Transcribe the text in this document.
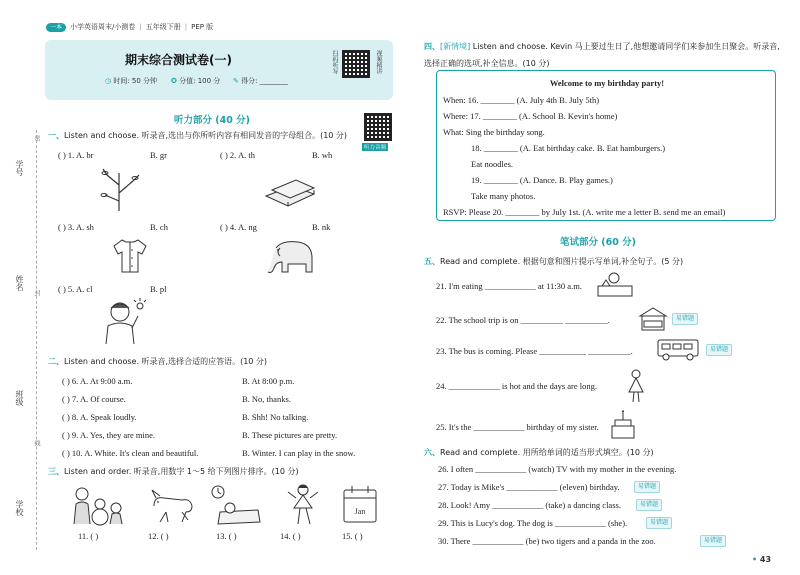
一本	小学英语周末/小测卷 | 五年级下册 | PEP 版
期末综合测试卷(一)
◷ 时间: 50 分钟 ✪ 分值: 100 分 ✎ 得分: ________
扫码听写	视频精讲
学号
姓名
班级
学校
密
封
线
听力部分 (40 分)
听力音频
一、Listen and choose. 听录音,选出与你所听内容有相同发音的字母组合。(10 分)
( ) 1. A. br	B. gr	( ) 2. A. th	B. wh
( ) 3. A. sh	B. ch	( ) 4. A. ng	B. nk
( ) 5. A. cl	B. pl
二、Listen and choose. 听录音,选择合适的应答语。(10 分)
( ) 6. A. At 9:00 a.m.	B. At 8:00 p.m.
( ) 7. A. Of course.	B. No, thanks.
( ) 8. A. Speak loudly.	B. Shh! No talking.
( ) 9. A. Yes, they are mine.	B. These pictures are pretty.
( ) 10. A. White. It's clean and beautiful.	B. Winter. I can play in the snow.
三、Listen and order. 听录音,用数字 1～5 给下列图片排序。(10 分)
Jan
11. ( )	12. ( )	13. ( )	14. ( )	15. ( )
四、[新情境] Listen and choose. Kevin 马上要过生日了,他想邀请同学们来参加生日聚会。听录音,选择正确的选项,补全信息。(10 分)
Welcome to my birthday party!
When: 16. ________ (A. July 4th B. July 5th)
Where: 17. ________ (A. School B. Kevin's home)
What: Sing the birthday song.
18. ________ (A. Eat birthday cake. B. Eat hamburgers.)
Eat noodles.
19. ________ (A. Dance. B. Play games.)
Take many photos.
RSVP: Please 20. ________ by July 1st. (A. write me a letter B. send me an email)
笔试部分 (60 分)
五、Read and complete. 根据句意和图片提示写单词,补全句子。(5 分)
21. I'm eating ____________ at 11:30 a.m.
22. The school trip is on __________ __________.	易错题
23. The bus is coming. Please ___________ __________.	易错题
24. ____________ is hot and the days are long.
25. It's the ____________ birthday of my sister.
六、Read and complete. 用所给单词的适当形式填空。(10 分)
26. I often ____________ (watch) TV with my mother in the evening.
27. Today is Mike's ____________ (eleven) birthday.	易错题
28. Look! Amy ____________ (take) a dancing class.	易错题
29. This is Lucy's dog. The dog is ____________ (she).	易错题
30. There ____________ (be) two tigers and a panda in the zoo.	易错题
• 43
